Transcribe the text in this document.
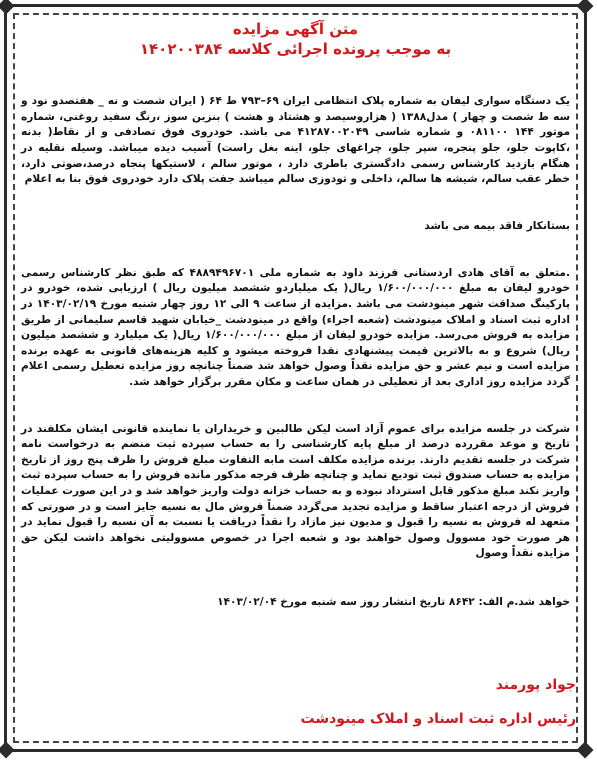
متن آگهی مزایده
به موجب پرونده اجرائی کلاسه ۱۴۰۲۰۰۳۸۴

یک دستگاه سواری لیفان به شماره پلاک انتظامی ایران ۶۹–۷۹۳ ط ۶۴ ( ایران شصت و نه _ هفتصدو نود و سه ط شصت و چهار ) مدل۱۳۸۸ ( هزاروسیصد و هشتاد و هشت ) بنزین سوز ،رنگ سفید روغنی، شماره موتور ۱۴۴ ۰۸۱۱۰۰ و شماره شاسی ۴۱۲۸۷۰۰۲۰۴۹ می باشد. خودروی فوق تصادفی و از نقاط( بدنه ،کاپوت جلو، جلو پنجره، سپر جلو، چراغهای جلو، اینه بغل راست) آسیب دیده میباشد. وسیله نقلیه در هنگام بازدید کارشناس رسمی دادگستری باطری دارد ، موتور سالم ، لاستیکها پنجاه درصد،صوتی دارد، خطر عقب سالم، شیشه ها سالم، داخلی و تودوزی سالم میباشد جفت پلاک دارد خودروی فوق بنا به اعلام

بستانکار فاقد بیمه می باشد

.متعلق به آقای هادی اردستانی فرزند داود به شماره ملی ۴۸۸۹۴۹۶۷۰۱ که طبق نظر کارشناس رسمی خودرو لیفان به مبلغ ۱/۶۰۰/۰۰۰/۰۰۰ ریال( یک میلیاردو ششصد میلیون ریال ) ارزیابی شده، خودرو در پارکینگ صداقت شهر مینودشت می باشد .مزایده از ساعت ۹ الی ۱۲ روز چهار شنبه مورخ ۱۴۰۳/۰۲/۱۹ در اداره ثبت اسناد و املاک مینودشت (شعبه اجراء) واقع در مینودشت _خیابان شهید قاسم سلیمانی از طریق مزایده به فروش می‌رسد. مزایده خودرو لیفان از مبلغ ۱/۶۰۰/۰۰۰/۰۰۰ ریال( یک میلیارد و ششصد میلیون ریال) شروع و به بالاترین قیمت پیشنهادی نقدا فروخته میشود و کلیه هزینه‌های قانونی به عهده برنده مزایده است و نیم عشر و حق مزایده نقداً وصول خواهد شد ضمناً چنانچه روز مزایده تعطیل رسمی اعلام گردد مزایده روز اداری بعد از تعطیلی در همان ساعت و مکان مقرر برگزار خواهد شد.

شرکت در جلسه مزایده برای عموم آزاد است لیکن طالبین و خریداران یا نماینده قانونی ایشان مکلفند در تاریخ و موعد مقررده درصد از مبلغ پایه کارشناسی را به حساب سپرده ثبت منضم به درخواست نامه شرکت در جلسه تقدیم دارند. برنده مزایده مکلف است مابه التفاوت مبلغ فروش را ظرف پنج روز از تاریخ مزایده به حساب صندوق ثبت تودیع نماید و چنانچه ظرف فرجه مذکور مانده فروش را به حساب سپرده ثبت واریز نکند مبلغ مذکور قابل استرداد نبوده و به حساب خزانه دولت واریز خواهد شد و در این صورت عملیات فروش از درجه اعتبار ساقط و مزایده تجدید می‌گردد ضمناً فروش مال به نسیه جایز است و در صورتی که متعهد له فروش به نسیه را قبول و مدیون نیز مازاد را نقداً دریافت یا نسبت به آن نسبه را قبول نماید در هر صورت خود مسوول وصول خواهند بود و شعبه اجرا در خصوص مسوولیتی نخواهد داشت لیکن حق مزایده نقداً وصول

خواهد شد.م الف: ۸۶۴۲ تاریخ انتشار روز سه شنبه مورخ ۱۴۰۳/۰۲/۰۴
جواد پورمند
رئیس اداره ثبت اسناد و املاک مینودشت
